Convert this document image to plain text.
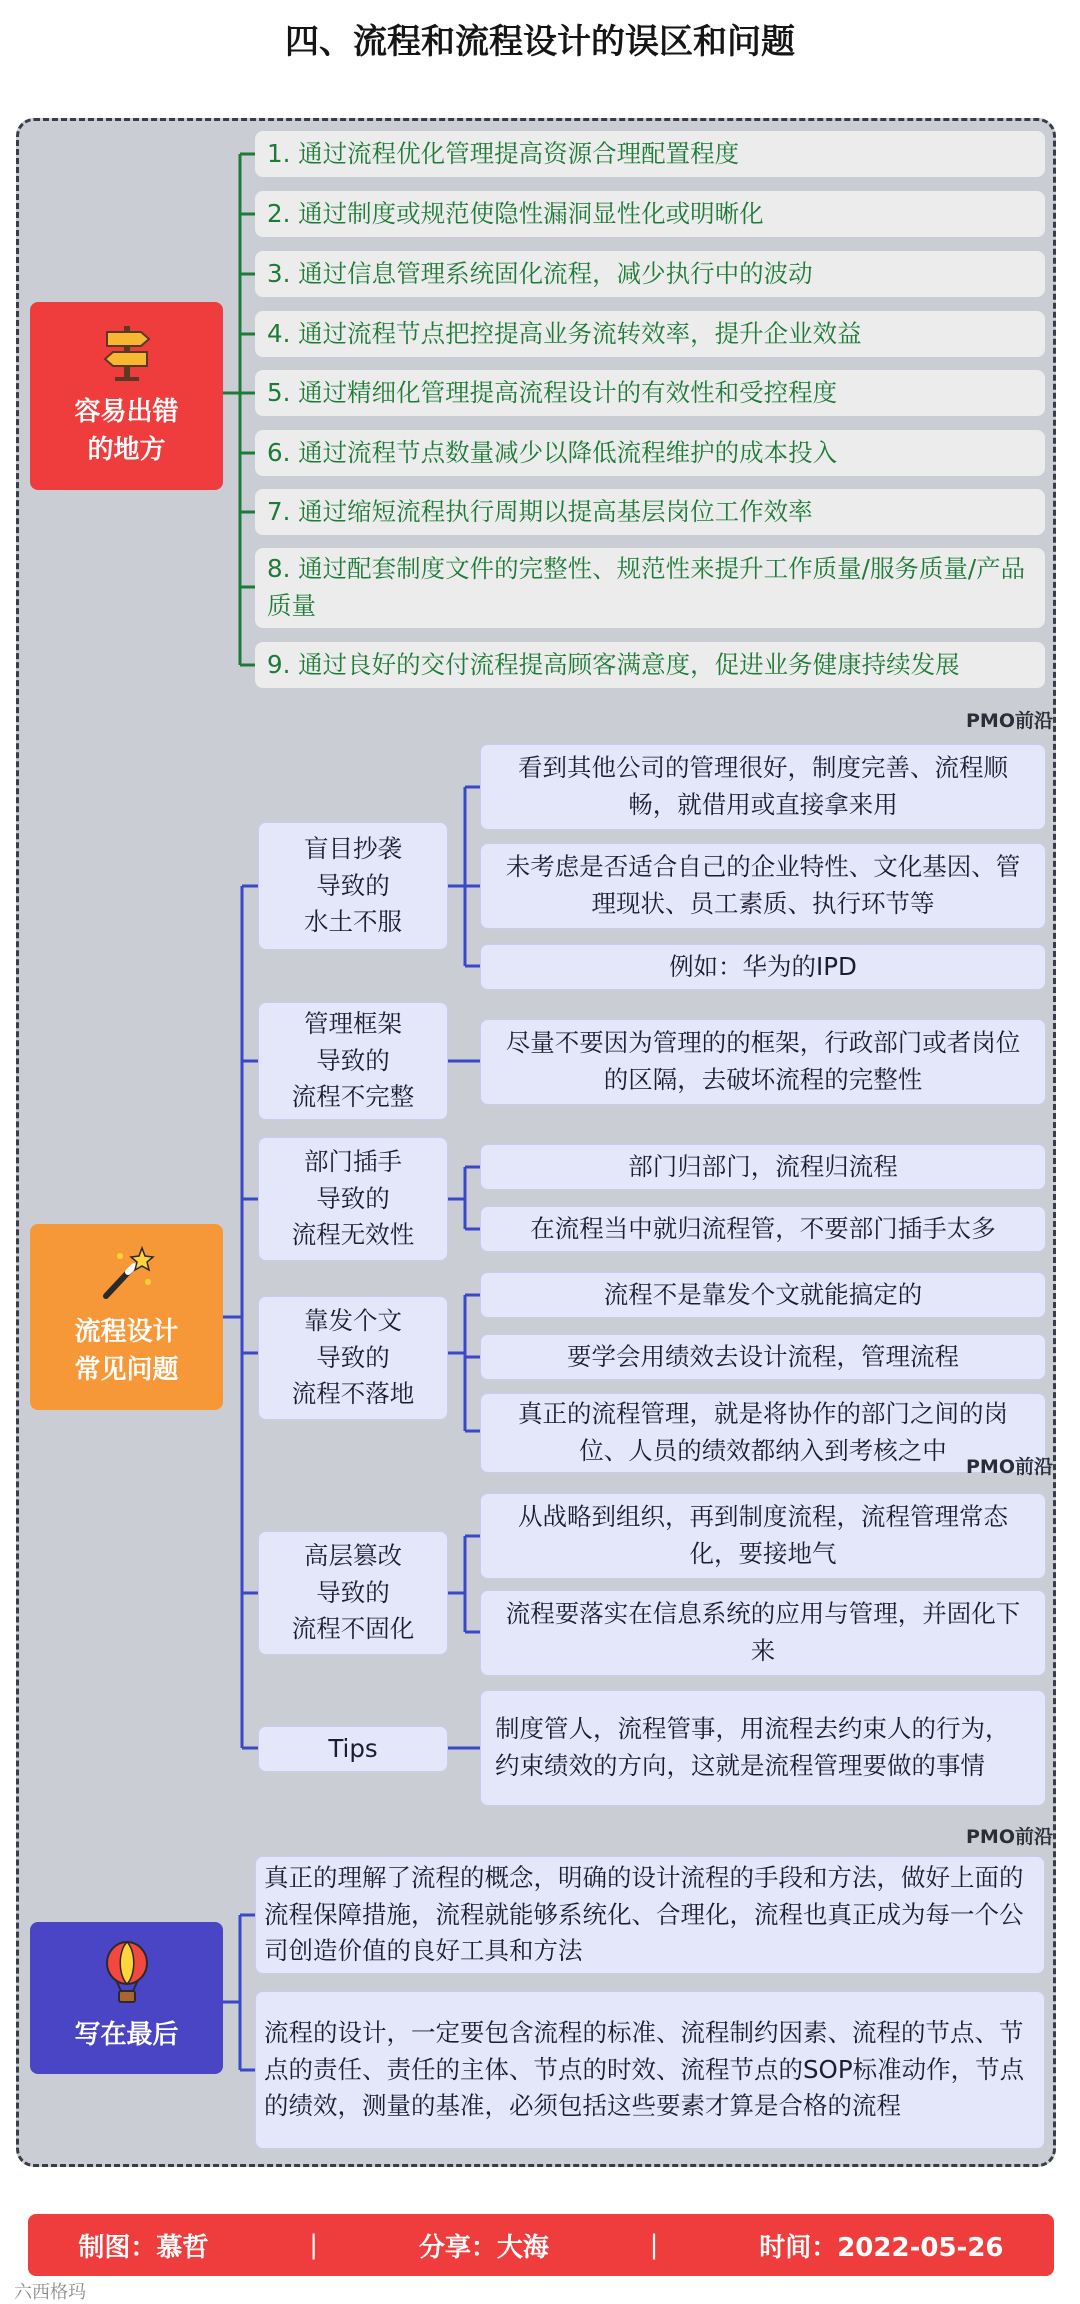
四、流程和流程设计的误区和问题
容易出错
的地方
1. 通过流程优化管理提高资源合理配置程度
2. 通过制度或规范使隐性漏洞显性化或明晰化
3. 通过信息管理系统固化流程，减少执行中的波动
4. 通过流程节点把控提高业务流转效率，提升企业效益
5. 通过精细化管理提高流程设计的有效性和受控程度
6. 通过流程节点数量减少以降低流程维护的成本投入
7. 通过缩短流程执行周期以提高基层岗位工作效率
8. 通过配套制度文件的完整性、规范性来提升工作质量/服务质量/产品质量
9. 通过良好的交付流程提高顾客满意度，促进业务健康持续发展
流程设计
常见问题
盲目抄袭
导致的
水土不服
管理框架
导致的
流程不完整
部门插手
导致的
流程无效性
靠发个文
导致的
流程不落地
高层篡改
导致的
流程不固化
Tips
看到其他公司的管理很好，制度完善、流程顺畅，就借用或直接拿来用
未考虑是否适合自己的企业特性、文化基因、管理现状、员工素质、执行环节等
例如：华为的IPD
尽量不要因为管理的的框架，行政部门或者岗位的区隔，去破坏流程的完整性
部门归部门，流程归流程
在流程当中就归流程管，不要部门插手太多
流程不是靠发个文就能搞定的
要学会用绩效去设计流程，管理流程
真正的流程管理，就是将协作的部门之间的岗位、人员的绩效都纳入到考核之中
从战略到组织，再到制度流程，流程管理常态化，要接地气
流程要落实在信息系统的应用与管理，并固化下来
制度管人，流程管事，用流程去约束人的行为，约束绩效的方向，这就是流程管理要做的事情
写在最后
真正的理解了流程的概念，明确的设计流程的手段和方法，做好上面的流程保障措施，流程就能够系统化、合理化，流程也真正成为每一个公司创造价值的良好工具和方法
流程的设计，一定要包含流程的标准、流程制约因素、流程的节点、节点的责任、责任的主体、节点的时效、流程节点的SOP标准动作，节点的绩效，测量的基准，必须包括这些要素才算是合格的流程
PMO前沿
PMO前沿
PMO前沿
制图：慕哲	|	分享：大海	|	时间：2022-05-26
六西格玛
